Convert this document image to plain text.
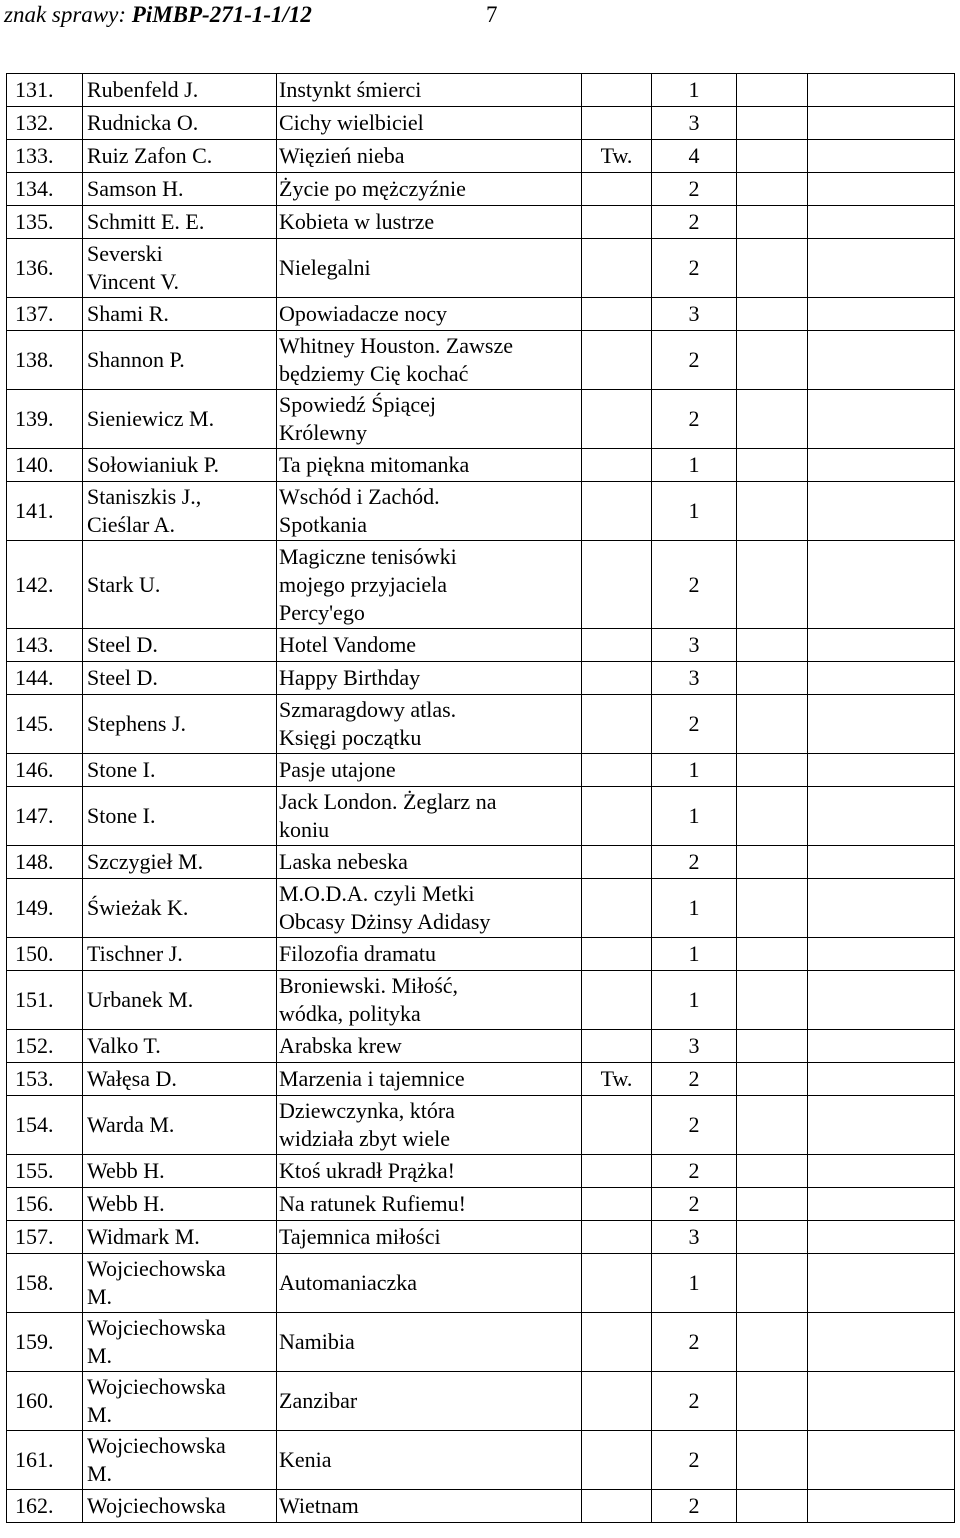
znak sprawy: PiMBP-271-1-1/12	7
131.	Rubenfeld J.	Instynkt śmierci		1		

132.	Rudnicka O.	Cichy wielbiciel		3		

133.	Ruiz Zafon C.	Więzień nieba	Tw.	4		

134.	Samson H.	Życie po mężczyźnie		2		

135.	Schmitt E. E.	Kobieta w lustrze		2		

136.	Severski
Vincent V.	Nielegalni		2		

137.	Shami R.	Opowiadacze nocy		3		

138.	Shannon P.	Whitney Houston. Zawsze
będziemy Cię kochać		2		

139.	Sieniewicz M.	Spowiedź Śpiącej
Królewny		2		

140.	Sołowianiuk P.	Ta piękna mitomanka		1		

141.	Staniszkis J.,
Cieślar A.	Wschód i Zachód.
Spotkania		1		

142.	Stark U.	Magiczne tenisówki
mojego przyjaciela
Percy'ego		2		

143.	Steel D.	Hotel Vandome		3		

144.	Steel D.	Happy Birthday		3		

145.	Stephens J.	Szmaragdowy atlas.
Księgi początku		2		

146.	Stone I.	Pasje utajone		1		

147.	Stone I.	Jack London. Żeglarz na
koniu		1		

148.	Szczygieł M.	Laska nebeska		2		

149.	Świeżak K.	M.O.D.A. czyli Metki
Obcasy Dżinsy Adidasy		1		

150.	Tischner J.	Filozofia dramatu		1		

151.	Urbanek M.	Broniewski. Miłość,
wódka, polityka		1		

152.	Valko T.	Arabska krew		3		

153.	Wałęsa D.	Marzenia i tajemnice	Tw.	2		

154.	Warda M.	Dziewczynka, która
widziała zbyt wiele		2		

155.	Webb H.	Ktoś ukradł Prążka!		2		

156.	Webb H.	Na ratunek Rufiemu!		2		

157.	Widmark M.	Tajemnica miłości		3		

158.	Wojciechowska
M.	Automaniaczka		1		

159.	Wojciechowska
M.	Namibia		2		

160.	Wojciechowska
M.	Zanzibar		2		

161.	Wojciechowska
M.	Kenia		2		

162.	Wojciechowska	Wietnam		2		
